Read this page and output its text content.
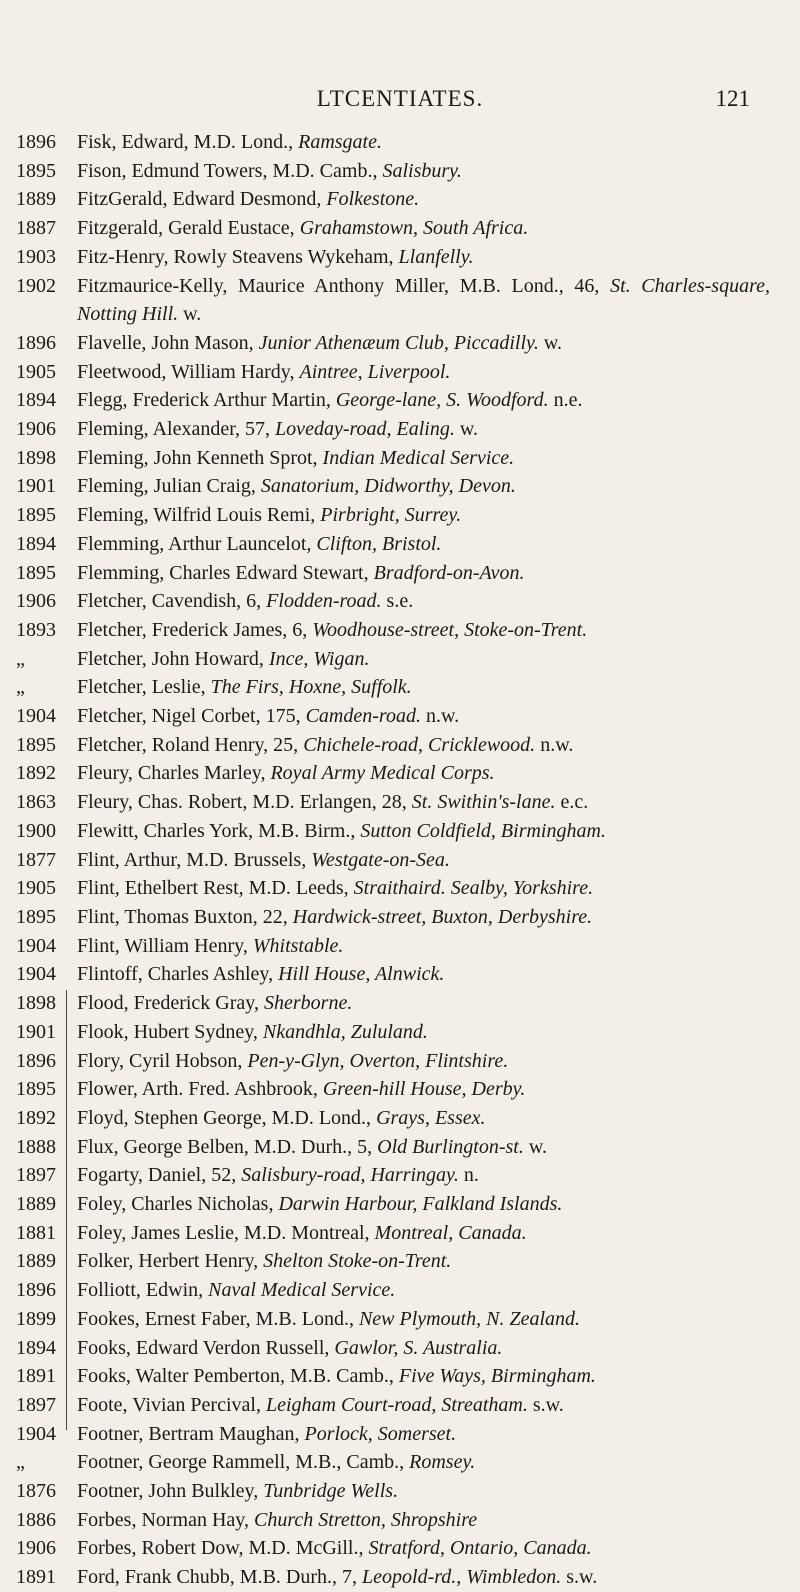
LTCENTIATES.	121
1896	Fisk, Edward, M.D. Lond., Ramsgate.
1895	Fison, Edmund Towers, M.D. Camb., Salisbury.
1889	FitzGerald, Edward Desmond, Folkestone.
1887	Fitzgerald, Gerald Eustace, Grahamstown, South Africa.
1903	Fitz-Henry, Rowly Steavens Wykeham, Llanfelly.
1902	Fitzmaurice-Kelly, Maurice Anthony Miller, M.B. Lond., 46, St. Charles-square, Notting Hill. w.
1896	Flavelle, John Mason, Junior Athenæum Club, Piccadilly. w.
1905	Fleetwood, William Hardy, Aintree, Liverpool.
1894	Flegg, Frederick Arthur Martin, George-lane, S. Woodford. n.e.
1906	Fleming, Alexander, 57, Loveday-road, Ealing. w.
1898	Fleming, John Kenneth Sprot, Indian Medical Service.
1901	Fleming, Julian Craig, Sanatorium, Didworthy, Devon.
1895	Fleming, Wilfrid Louis Remi, Pirbright, Surrey.
1894	Flemming, Arthur Launcelot, Clifton, Bristol.
1895	Flemming, Charles Edward Stewart, Bradford-on-Avon.
1906	Fletcher, Cavendish, 6, Flodden-road. s.e.
1893	Fletcher, Frederick James, 6, Woodhouse-street, Stoke-on-Trent.
„	Fletcher, John Howard, Ince, Wigan.
„	Fletcher, Leslie, The Firs, Hoxne, Suffolk.
1904	Fletcher, Nigel Corbet, 175, Camden-road. n.w.
1895	Fletcher, Roland Henry, 25, Chichele-road, Cricklewood. n.w.
1892	Fleury, Charles Marley, Royal Army Medical Corps.
1863	Fleury, Chas. Robert, M.D. Erlangen, 28, St. Swithin's-lane. e.c.
1900	Flewitt, Charles York, M.B. Birm., Sutton Coldfield, Birmingham.
1877	Flint, Arthur, M.D. Brussels, Westgate-on-Sea.
1905	Flint, Ethelbert Rest, M.D. Leeds, Straithaird. Sealby, Yorkshire.
1895	Flint, Thomas Buxton, 22, Hardwick-street, Buxton, Derbyshire.
1904	Flint, William Henry, Whitstable.
1904	Flintoff, Charles Ashley, Hill House, Alnwick.
1898	Flood, Frederick Gray, Sherborne.
1901	Flook, Hubert Sydney, Nkandhla, Zululand.
1896	Flory, Cyril Hobson, Pen-y-Glyn, Overton, Flintshire.
1895	Flower, Arth. Fred. Ashbrook, Green-hill House, Derby.
1892	Floyd, Stephen George, M.D. Lond., Grays, Essex.
1888	Flux, George Belben, M.D. Durh., 5, Old Burlington-st. w.
1897	Fogarty, Daniel, 52, Salisbury-road, Harringay. n.
1889	Foley, Charles Nicholas, Darwin Harbour, Falkland Islands.
1881	Foley, James Leslie, M.D. Montreal, Montreal, Canada.
1889	Folker, Herbert Henry, Shelton Stoke-on-Trent.
1896	Folliott, Edwin, Naval Medical Service.
1899	Fookes, Ernest Faber, M.B. Lond., New Plymouth, N. Zealand.
1894	Fooks, Edward Verdon Russell, Gawlor, S. Australia.
1891	Fooks, Walter Pemberton, M.B. Camb., Five Ways, Birmingham.
1897	Foote, Vivian Percival, Leigham Court-road, Streatham. s.w.
1904	Footner, Bertram Maughan, Porlock, Somerset.
„	Footner, George Rammell, M.B., Camb., Romsey.
1876	Footner, John Bulkley, Tunbridge Wells.
1886	Forbes, Norman Hay, Church Stretton, Shropshire
1906	Forbes, Robert Dow, M.D. McGill., Stratford, Ontario, Canada.
1891	Ford, Frank Chubb, M.B. Durh., 7, Leopold-rd., Wimbledon. s.w.
